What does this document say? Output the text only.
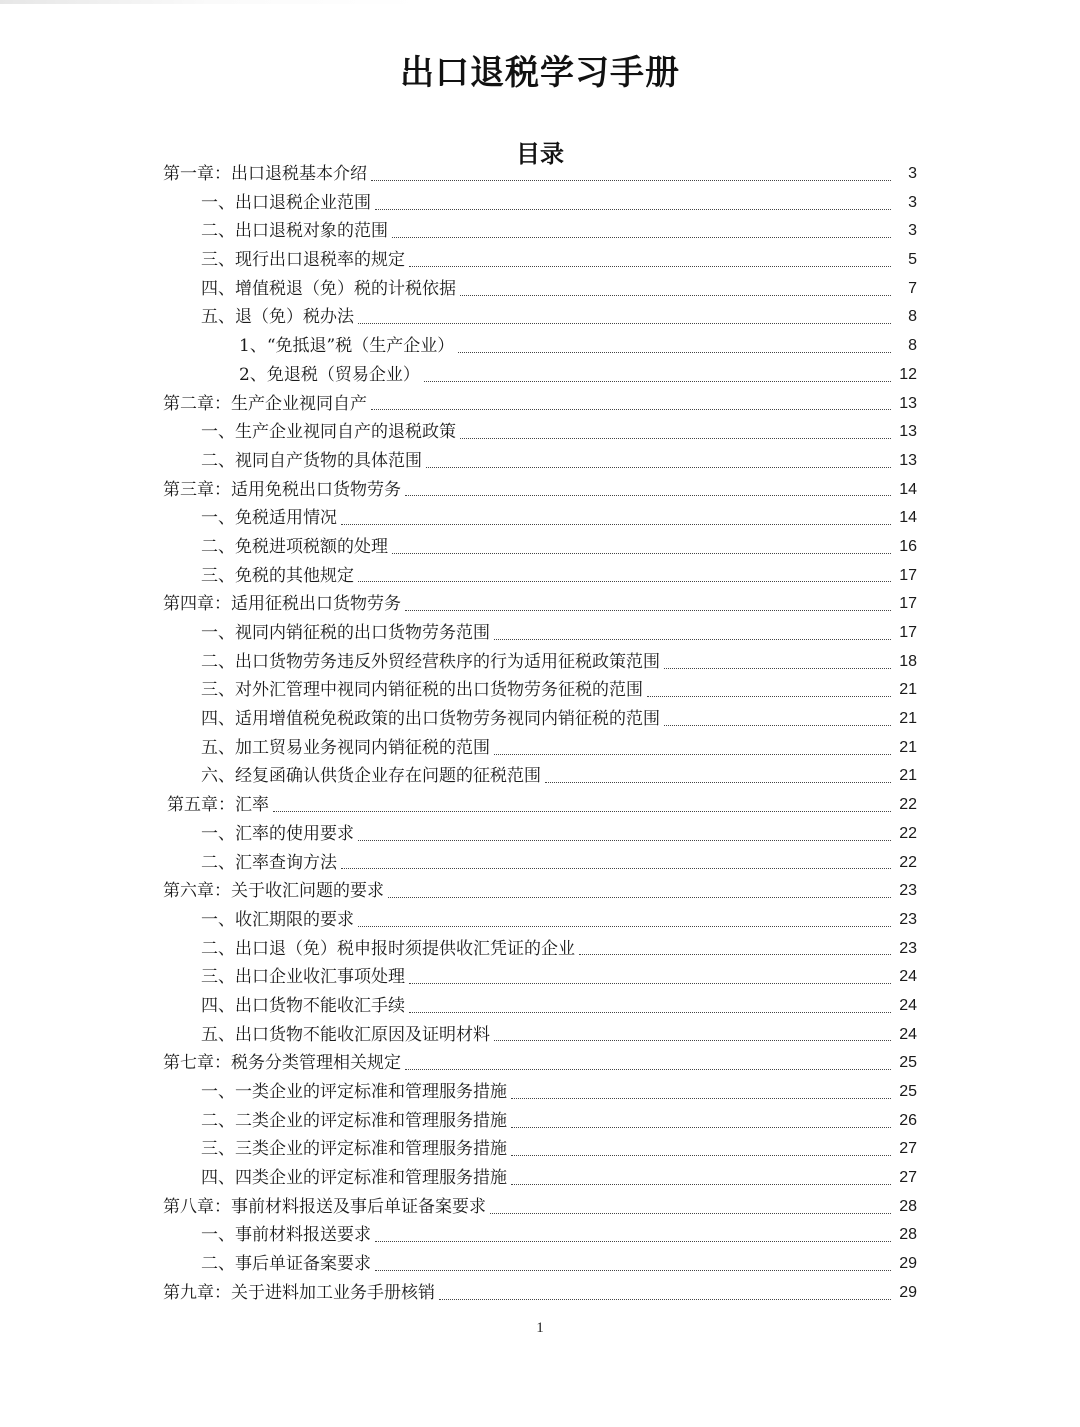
出口退税学习手册
目录
第一章：出口退税基本介绍	3
一、出口退税企业范围	3
二、出口退税对象的范围	3
三、现行出口退税率的规定	5
四、增值税退（免）税的计税依据	7
五、退（免）税办法	8
1、“免抵退”税（生产企业）	8
2、免退税（贸易企业）	12
第二章：生产企业视同自产	13
一、生产企业视同自产的退税政策	13
二、视同自产货物的具体范围	13
第三章：适用免税出口货物劳务	14
一、免税适用情况	14
二、免税进项税额的处理	16
三、免税的其他规定	17
第四章：适用征税出口货物劳务	17
一、视同内销征税的出口货物劳务范围	17
二、出口货物劳务违反外贸经营秩序的行为适用征税政策范围	18
三、对外汇管理中视同内销征税的出口货物劳务征税的范围	21
四、适用增值税免税政策的出口货物劳务视同内销征税的范围	21
五、加工贸易业务视同内销征税的范围	21
六、经复函确认供货企业存在问题的征税范围	21
第五章：汇率	22
一、汇率的使用要求	22
二、汇率查询方法	22
第六章：关于收汇问题的要求	23
一、收汇期限的要求	23
二、出口退（免）税申报时须提供收汇凭证的企业	23
三、出口企业收汇事项处理	24
四、出口货物不能收汇手续	24
五、出口货物不能收汇原因及证明材料	24
第七章：税务分类管理相关规定	25
一、一类企业的评定标准和管理服务措施	25
二、二类企业的评定标准和管理服务措施	26
三、三类企业的评定标准和管理服务措施	27
四、四类企业的评定标准和管理服务措施	27
第八章：事前材料报送及事后单证备案要求	28
一、事前材料报送要求	28
二、事后单证备案要求	29
第九章：关于进料加工业务手册核销	29
1
